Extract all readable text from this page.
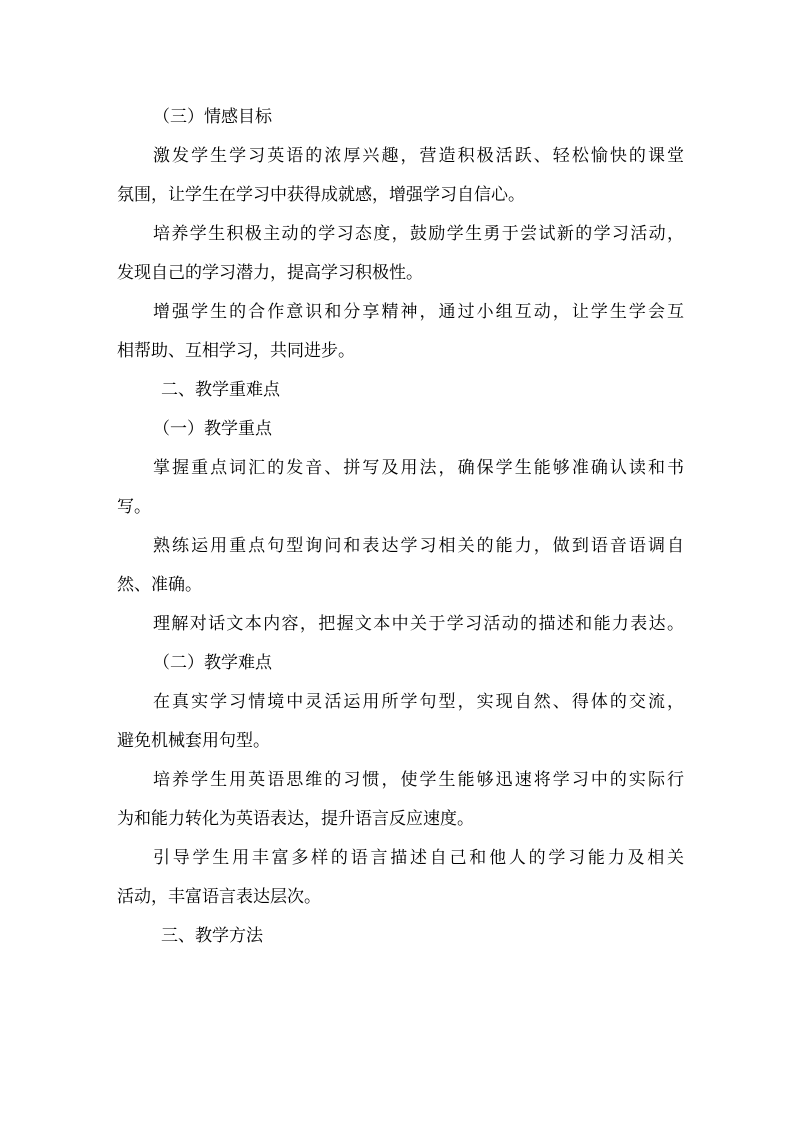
（三）情感目标
激发学生学习英语的浓厚兴趣，营造积极活跃、轻松愉快的课堂
氛围，让学生在学习中获得成就感，增强学习自信心。
培养学生积极主动的学习态度，鼓励学生勇于尝试新的学习活动，
发现自己的学习潜力，提高学习积极性。
增强学生的合作意识和分享精神，通过小组互动，让学生学会互
相帮助、互相学习，共同进步。
二、教学重难点
（一）教学重点
掌握重点词汇的发音、拼写及用法，确保学生能够准确认读和书
写。
熟练运用重点句型询问和表达学习相关的能力，做到语音语调自
然、准确。
理解对话文本内容，把握文本中关于学习活动的描述和能力表达。
（二）教学难点
在真实学习情境中灵活运用所学句型，实现自然、得体的交流，
避免机械套用句型。
培养学生用英语思维的习惯，使学生能够迅速将学习中的实际行
为和能力转化为英语表达，提升语言反应速度。
引导学生用丰富多样的语言描述自己和他人的学习能力及相关
活动，丰富语言表达层次。
三、教学方法
